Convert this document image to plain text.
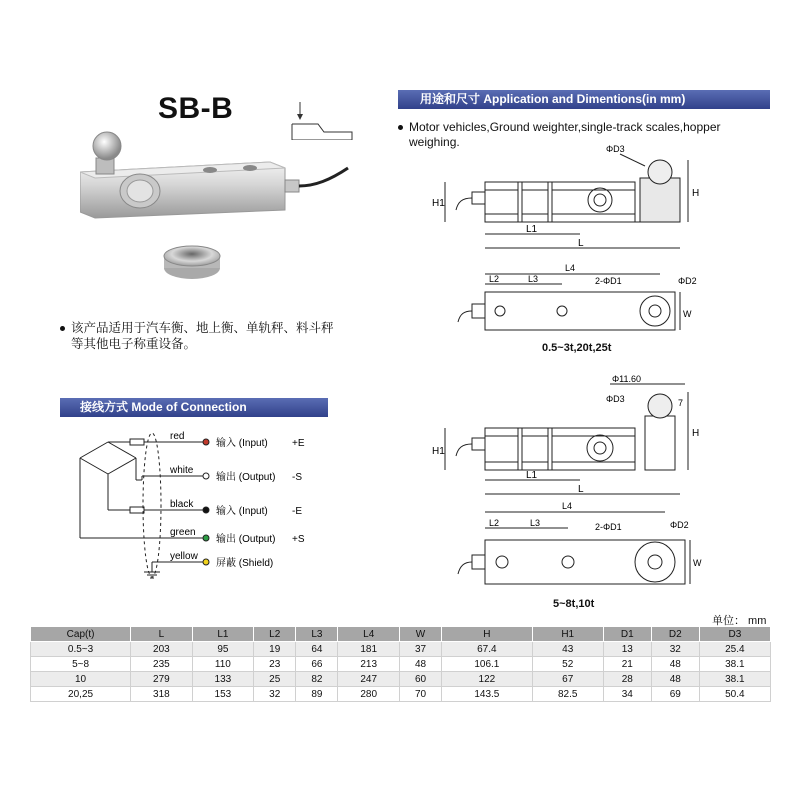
SB-B
该产品适用于汽车衡、地上衡、单轨秤、料斗秤
等其他电子称重设备。
用途和尺寸 Application and Dimentions(in mm)
Motor vehicles,Ground weighter,single-track scales,hopper
weighing.
接线方式 Mode of Connection
red
输入 (Input) +E
white
输出 (Output) -S
black
输入 (Input) -E
green
输出 (Output) +S
yellow
屏蔽 (Shield)
H1
H
L1
L
ΦD3
L4
L2	L3	2-ΦD1	ΦD2
W
0.5~3t,20t,25t
H1
H
L1
L
Φ11.60
ΦD3	7
L4
L2	L3	2-ΦD1	ΦD2
W
5~8t,10t
单位： mm
Cap(t)	L	L1	L2	L3	L4	W	H	H1	D1	D2	D3
0.5~3	203	95	19	64	181	37	67.4	43	13	32	25.4
5~8	235	110	23	66	213	48	106.1	52	21	48	38.1
10	279	133	25	82	247	60	122	67	28	48	38.1
20,25	318	153	32	89	280	70	143.5	82.5	34	69	50.4
